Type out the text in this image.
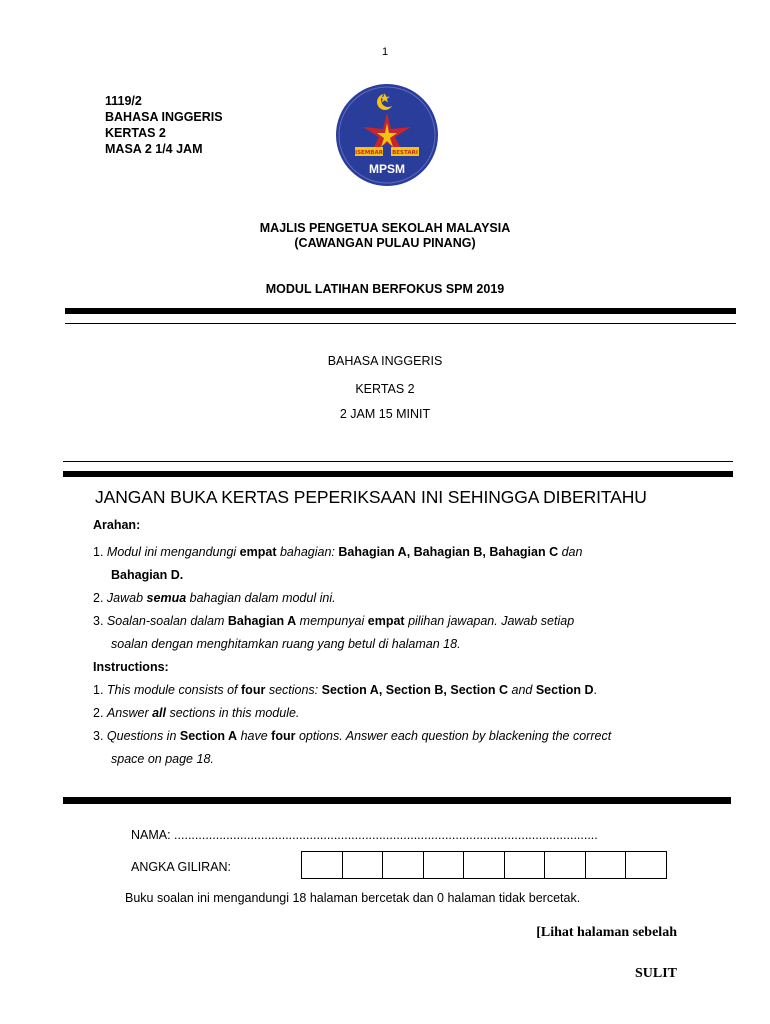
1
1119/2
BAHASA INGGERIS
KERTAS 2
MASA 2 1/4 JAM	ISEMBAR BESTARI
MPSM
MAJLIS PENGETUA SEKOLAH MALAYSIA
(CAWANGAN PULAU PINANG)
MODUL LATIHAN BERFOKUS SPM 2019
BAHASA INGGERIS
KERTAS 2
2 JAM 15 MINIT
JANGAN BUKA KERTAS PEPERIKSAAN INI SEHINGGA DIBERITAHU
Arahan:
1. Modul ini mengandungi empat bahagian: Bahagian A, Bahagian B, Bahagian C dan
Bahagian D.
2. Jawab semua bahagian dalam modul ini.
3. Soalan-soalan dalam Bahagian A mempunyai empat pilihan jawapan. Jawab setiap
soalan dengan menghitamkan ruang yang betul di halaman 18.
Instructions:
1. This module consists of four sections: Section A, Section B, Section C and Section D.
2. Answer all sections in this module.
3. Questions in Section A have four options. Answer each question by blackening the correct
space on page 18.
NAMA: ..........................................................................................................................
ANGKA GILIRAN:
Buku soalan ini mengandungi 18 halaman bercetak dan 0 halaman tidak bercetak.
[Lihat halaman sebelah
SULIT
